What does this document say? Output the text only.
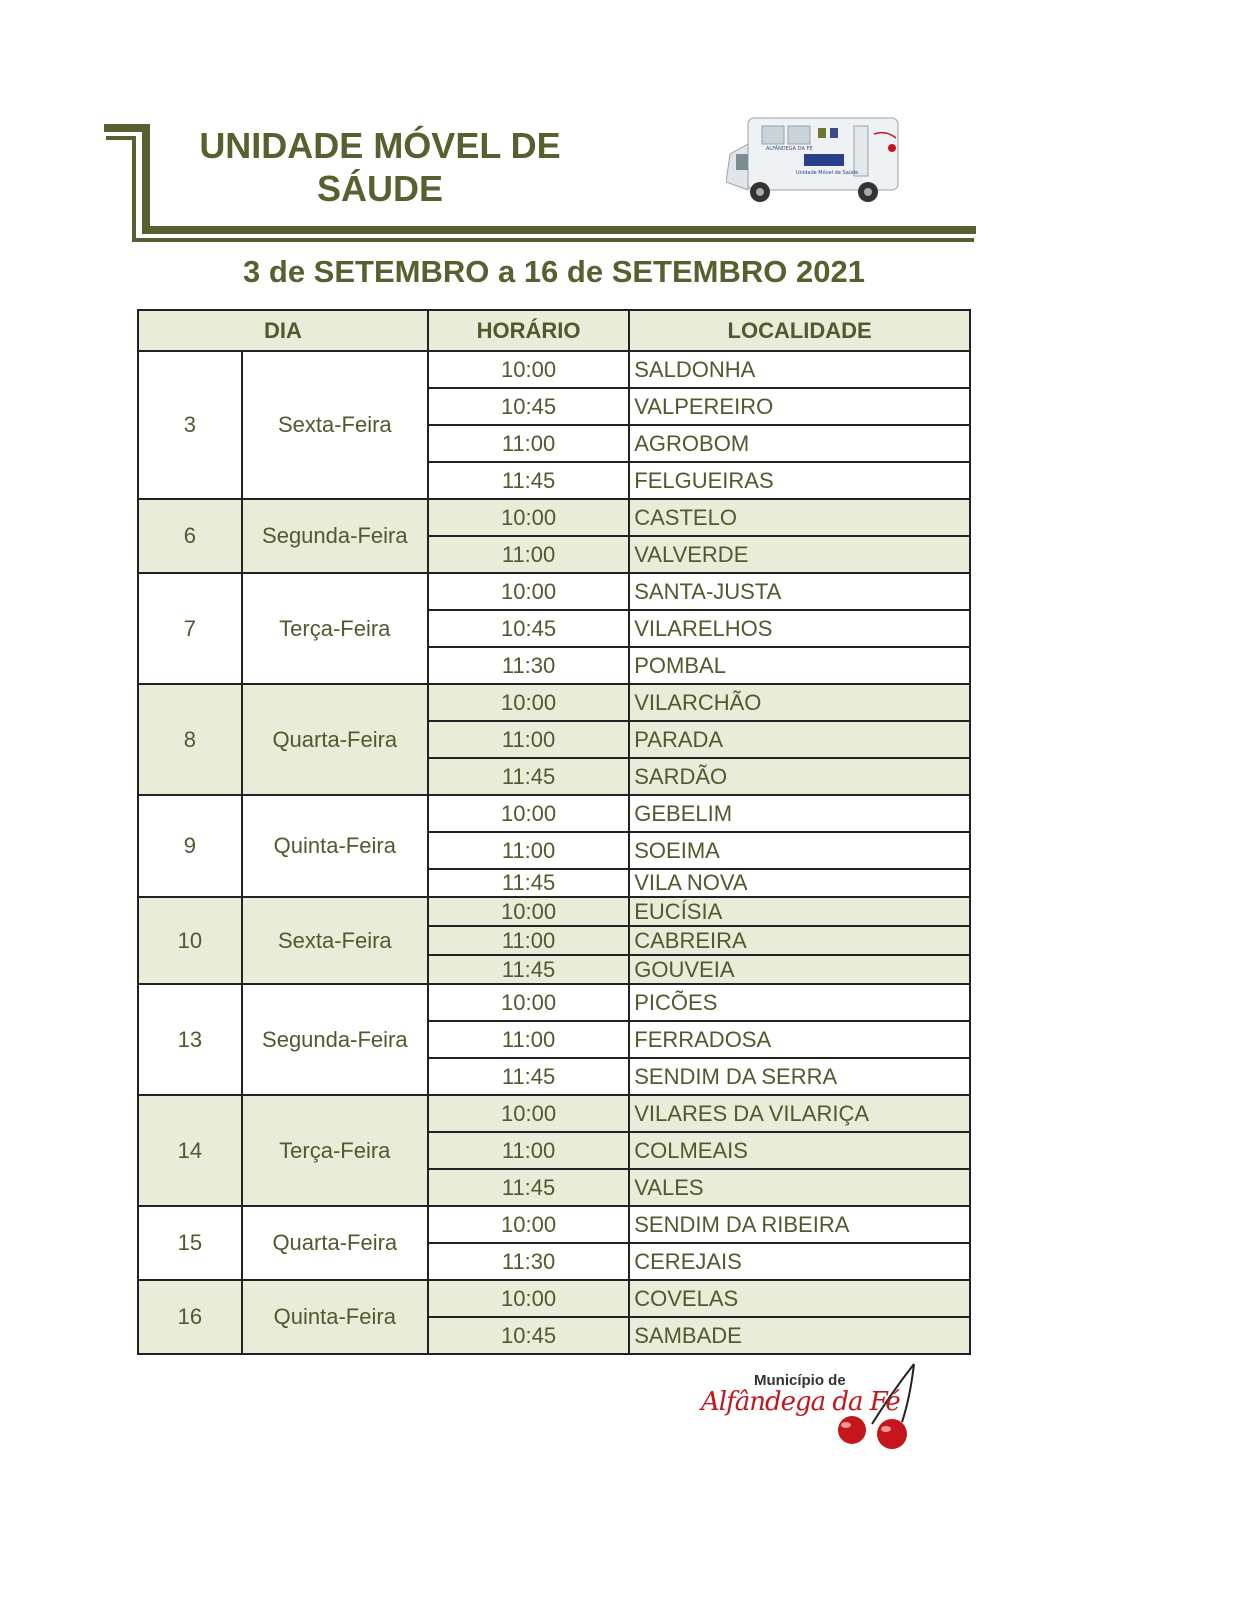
UNIDADE MÓVEL DE
SÁUDE
ALFÂNDEGA DA FÉ
Unidade Móvel de Saúde
3 de SETEMBRO a 16 de SETEMBRO 2021
DIA		HORÁRIO	LOCALIDADE
3	Sexta-Feira	10:00	SALDONHA
		10:45	VALPEREIRO
		11:00	AGROBOM
		11:45	FELGUEIRAS
6	Segunda-Feira	10:00	CASTELO
		11:00	VALVERDE
7	Terça-Feira	10:00	SANTA-JUSTA
		10:45	VILARELHOS
		11:30	POMBAL
8	Quarta-Feira	10:00	VILARCHÃO
		11:00	PARADA
		11:45	SARDÃO
9	Quinta-Feira	10:00	GEBELIM
		11:00	SOEIMA
		11:45	VILA NOVA
10	Sexta-Feira	10:00	EUCÍSIA
		11:00	CABREIRA
		11:45	GOUVEIA
13	Segunda-Feira	10:00	PICÕES
		11:00	FERRADOSA
		11:45	SENDIM DA SERRA
14	Terça-Feira	10:00	VILARES DA VILARIÇA
		11:00	COLMEAIS
		11:45	VALES
15	Quarta-Feira	10:00	SENDIM DA RIBEIRA
		11:30	CEREJAIS
16	Quinta-Feira	10:00	COVELAS
		10:45	SAMBADE
Município de
Alfândega da Fé
